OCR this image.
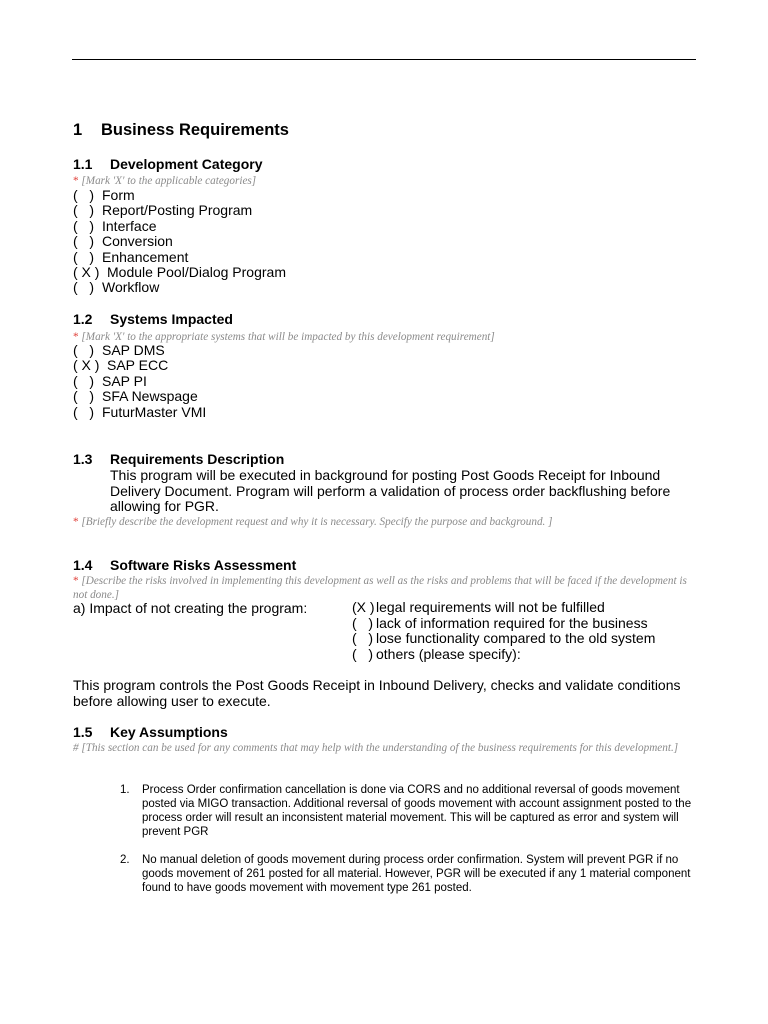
1 Business Requirements
1.1 Development Category
* [Mark 'X' to the applicable categories]
(   ) Form
(   ) Report/Posting Program
(   ) Interface
(   ) Conversion
(   ) Enhancement
( X ) Module Pool/Dialog Program
(   ) Workflow
1.2 Systems Impacted
* [Mark 'X' to the appropriate systems that will be impacted by this development requirement]
(   ) SAP DMS
( X ) SAP ECC
(   ) SAP PI
(   ) SFA Newspage
(   ) FuturMaster VMI
1.3 Requirements Description
This program will be executed in background for posting Post Goods Receipt for Inbound Delivery Document. Program will perform a validation of process order backflushing before allowing for PGR.
* [Briefly describe the development request and why it is necessary. Specify the purpose and background. ]
1.4 Software Risks Assessment
* [Describe the risks involved in implementing this development as well as the risks and problems that will be faced if the development is not done.]
a) Impact of not creating the program:	(X )legal requirements will not be fulfilled
(   ) lack of information required for the business
(   ) lose functionality compared to the old system
(   ) others (please specify):
This program controls the Post Goods Receipt in Inbound Delivery, checks and validate conditions before allowing user to execute.
1.5 Key Assumptions
# [This section can be used for any comments that may help with the understanding of the business requirements for this development.]
1. Process Order confirmation cancellation is done via CORS and no additional reversal of goods movement posted via MIGO transaction. Additional reversal of goods movement with account assignment posted to the process order will result an inconsistent material movement. This will be captured as error and system will prevent PGR
2. No manual deletion of goods movement during process order confirmation. System will prevent PGR if no goods movement of 261 posted for all material. However, PGR will be executed if any 1 material component found to have goods movement with movement type 261 posted.
